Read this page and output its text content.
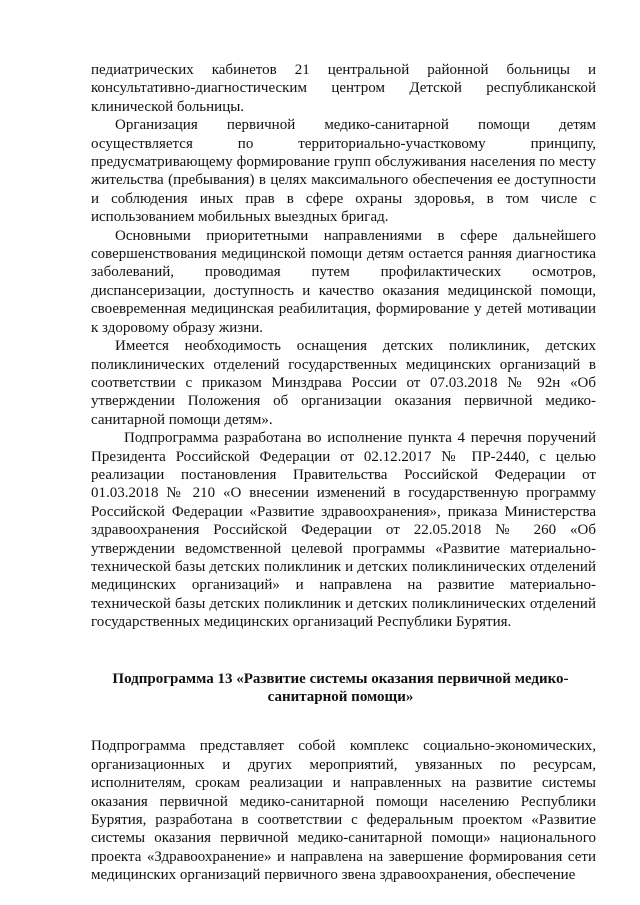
педиатрических кабинетов 21 центральной районной больницы и консультативно-диагностическим центром Детской республиканской клинической больницы.

Организация первичной медико-санитарной помощи детям осуществляется по территориально-участковому принципу, предусматривающему формирование групп обслуживания населения по месту жительства (пребывания) в целях максимального обеспечения ее доступности и соблюдения иных прав в сфере охраны здоровья, в том числе с использованием мобильных выездных бригад.

Основными приоритетными направлениями в сфере дальнейшего совершенствования медицинской помощи детям остается ранняя диагностика заболеваний, проводимая путем профилактических осмотров, диспансеризации, доступность и качество оказания медицинской помощи, своевременная медицинская реабилитация, формирование у детей мотивации к здоровому образу жизни.

Имеется необходимость оснащения детских поликлиник, детских поликлинических отделений государственных медицинских организаций в соответствии с приказом Минздрава России от 07.03.2018 № 92н «Об утверждении Положения об организации оказания первичной медико-санитарной помощи детям».

Подпрограмма разработана во исполнение пункта 4 перечня поручений Президента Российской Федерации от 02.12.2017 № ПР-2440, с целью реализации постановления Правительства Российской Федерации от 01.03.2018 № 210 «О внесении изменений в государственную программу Российской Федерации «Развитие здравоохранения», приказа Министерства здравоохранения Российской Федерации от 22.05.2018 № 260 «Об утверждении ведомственной целевой программы «Развитие материально-технической базы детских поликлиник и детских поликлинических отделений медицинских организаций» и направлена на развитие материально-технической базы детских поликлиник и детских поликлинических отделений государственных медицинских организаций Республики Бурятия.

Подпрограмма 13 «Развитие системы оказания первичной медико-санитарной помощи»

Подпрограмма представляет собой комплекс социально-экономических, организационных и других мероприятий, увязанных по ресурсам, исполнителям, срокам реализации и направленных на развитие системы оказания первичной медико-санитарной помощи населению Республики Бурятия, разработана в соответствии с федеральным проектом «Развитие системы оказания первичной медико-санитарной помощи» национального проекта «Здравоохранение» и направлена на завершение формирования сети медицинских организаций первичного звена здравоохранения, обеспечение
